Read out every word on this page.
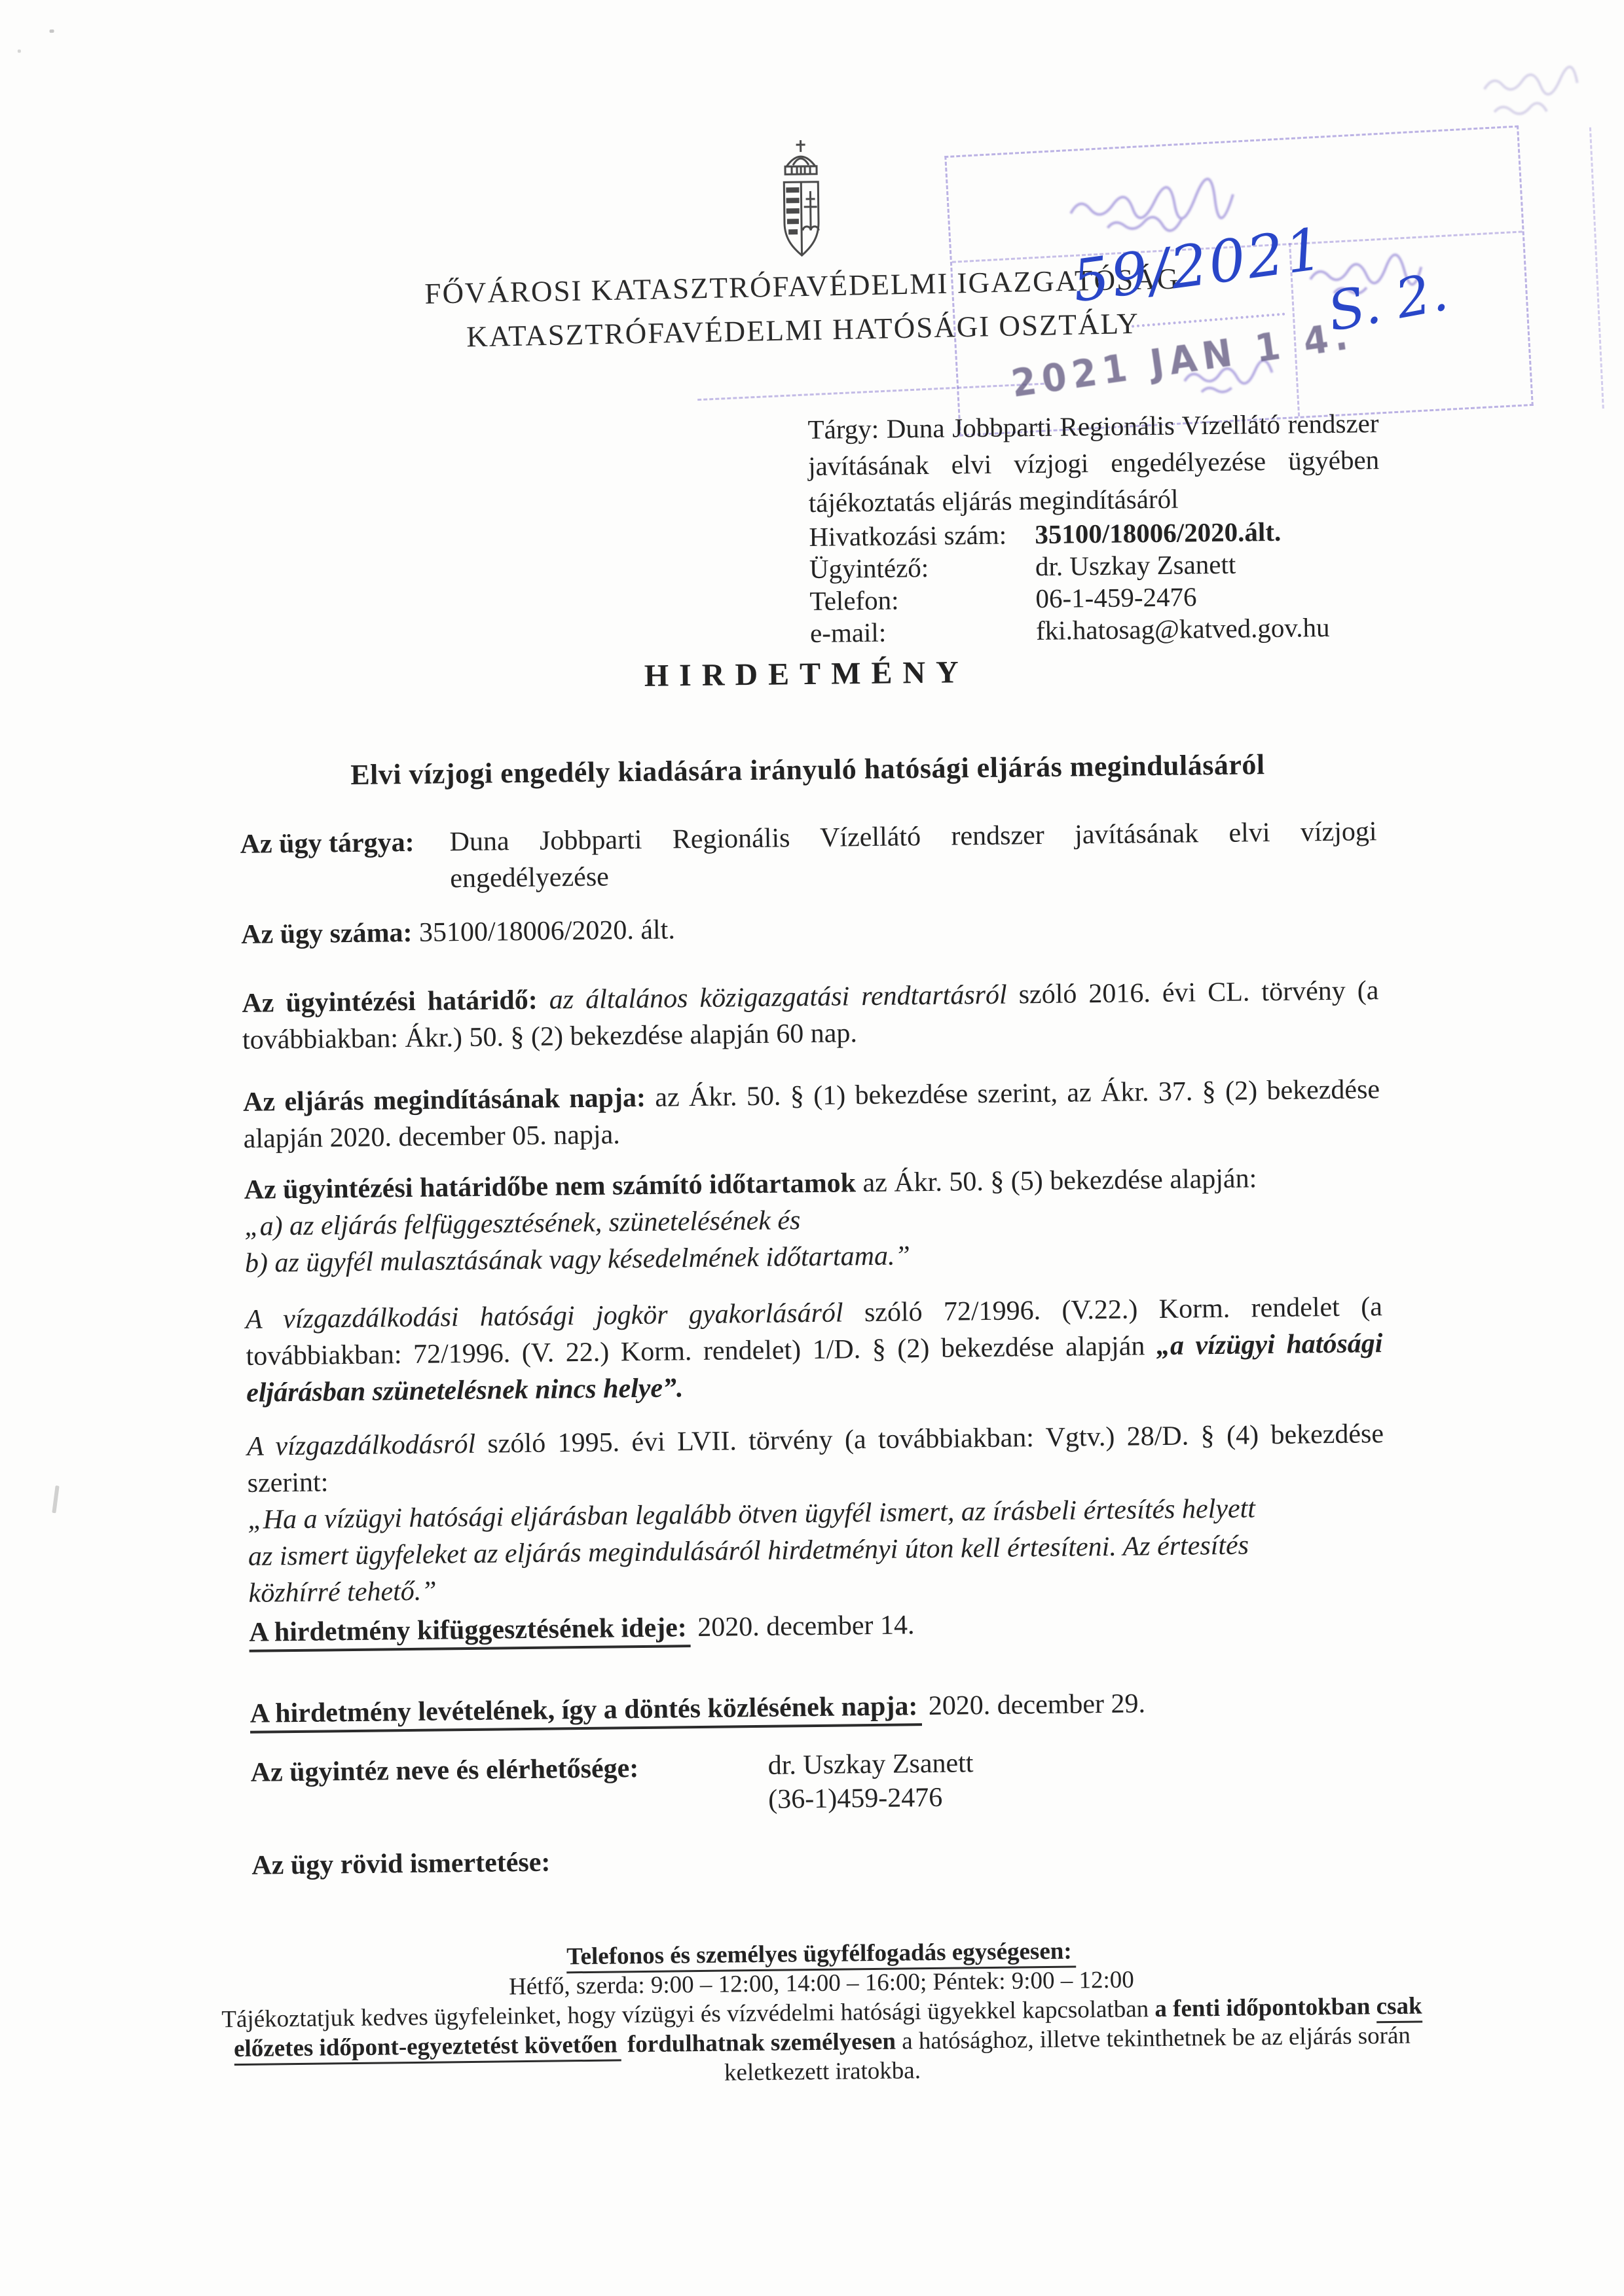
FŐVÁROSI KATASZTRÓFAVÉDELMI IGAZGATÓSÁG
KATASZTRÓFAVÉDELMI HATÓSÁGI OSZTÁLY
59/2021
S. 2.
2021 JAN 1 4.
Tárgy: Duna Jobbparti Regionális Vízellátó rendszer javításának elvi vízjogi engedélyezése ügyében tájékoztatás eljárás megindításáról
Hivatkozási szám:	35100/18006/2020.ált.
Ügyintéző:	dr. Uszkay Zsanett
Telefon:	06-1-459-2476
e-mail:	fki.hatosag@katved.gov.hu
HIRDETMÉNY
Elvi vízjogi engedély kiadására irányuló hatósági eljárás megindulásáról
Az ügy tárgya:	Duna Jobbparti Regionális Vízellátó rendszer javításának elvi vízjogi engedélyezése
Az ügy száma: 35100/18006/2020. ált.
Az ügyintézési határidő: az általános közigazgatási rendtartásról szóló 2016. évi CL. törvény (a továbbiakban: Ákr.) 50. § (2) bekezdése alapján 60 nap.
Az eljárás megindításának napja: az Ákr. 50. § (1) bekezdése szerint, az Ákr. 37. § (2) bekezdése alapján 2020. december 05. napja.
Az ügyintézési határidőbe nem számító időtartamok az Ákr. 50. § (5) bekezdése alapján:
„a) az eljárás felfüggesztésének, szünetelésének és
b) az ügyfél mulasztásának vagy késedelmének időtartama.”
A vízgazdálkodási hatósági jogkör gyakorlásáról szóló 72/1996. (V.22.) Korm. rendelet (a továbbiakban: 72/1996. (V. 22.) Korm. rendelet) 1/D. § (2) bekezdése alapján „a vízügyi hatósági eljárásban szünetelésnek nincs helye”.
A vízgazdálkodásról szóló 1995. évi LVII. törvény (a továbbiakban: Vgtv.) 28/D. § (4) bekezdése szerint:
„Ha a vízügyi hatósági eljárásban legalább ötven ügyfél ismert, az írásbeli értesítés helyett
az ismert ügyfeleket az eljárás megindulásáról hirdetményi úton kell értesíteni. Az értesítés
közhírré tehető.”
A hirdetmény kifüggesztésének ideje: 2020. december 14.
A hirdetmény levételének, így a döntés közlésének napja: 2020. december 29.
Az ügyintéz neve és elérhetősége:	dr. Uszkay Zsanett
(36-1)459-2476
Az ügy rövid ismertetése:
Telefonos és személyes ügyfélfogadás egységesen:
Hétfő, szerda: 9:00 – 12:00, 14:00 – 16:00; Péntek: 9:00 – 12:00
Tájékoztatjuk kedves ügyfeleinket, hogy vízügyi és vízvédelmi hatósági ügyekkel kapcsolatban a fenti időpontokban csak előzetes időpont-egyeztetést követően fordulhatnak személyesen a hatósághoz, illetve tekinthetnek be az eljárás során keletkezett iratokba.
